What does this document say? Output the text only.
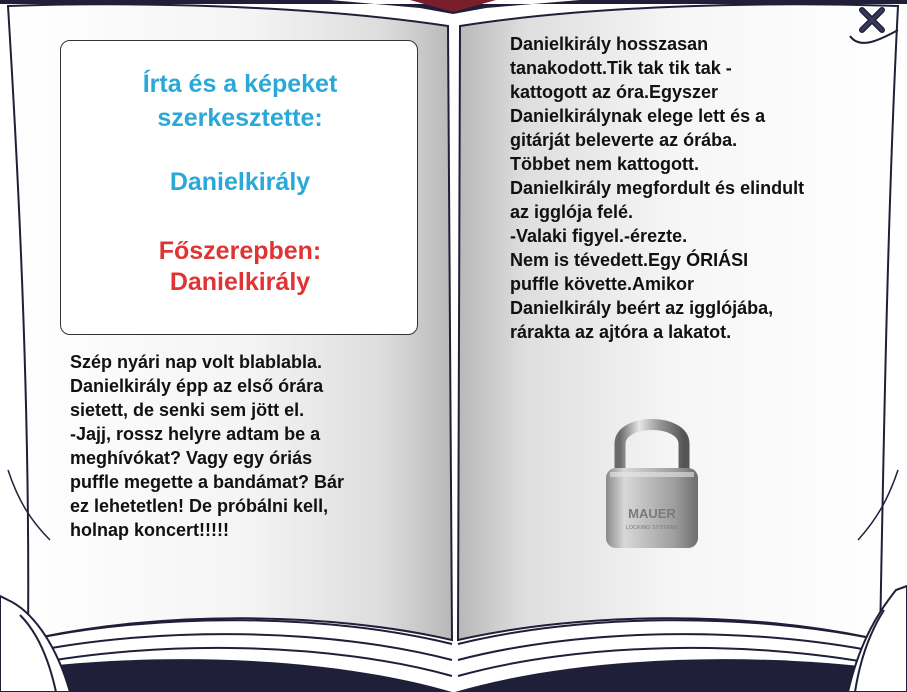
Írta és a képeket
szerkesztette:
Danielkirály
Főszerepben:
Danielkirály

Szép nyári nap volt blablabla.
Danielkirály épp az első órára
sietett, de senki sem jött el.
-Jajj, rossz helyre adtam be a
meghívókat? Vagy egy óriás
puffle megette a bandámat? Bár
ez lehetetlen! De próbálni kell,
holnap koncert!!!!!

Danielkirály hosszasan
tanakodott.Tik tak tik tak -
kattogott az óra.Egyszer
Danielkirálynak elege lett és a
gitárját beleverte az órába.
Többet nem kattogott.
Danielkirály megfordult és elindult
az igglója felé.
-Valaki figyel.-érezte.
Nem is tévedett.Egy ÓRIÁSI
puffle követte.Amikor
Danielkirály beért az igglójába,
rárakta az ajtóra a lakatot.

MAUER
LOCKING SYSTEMS
